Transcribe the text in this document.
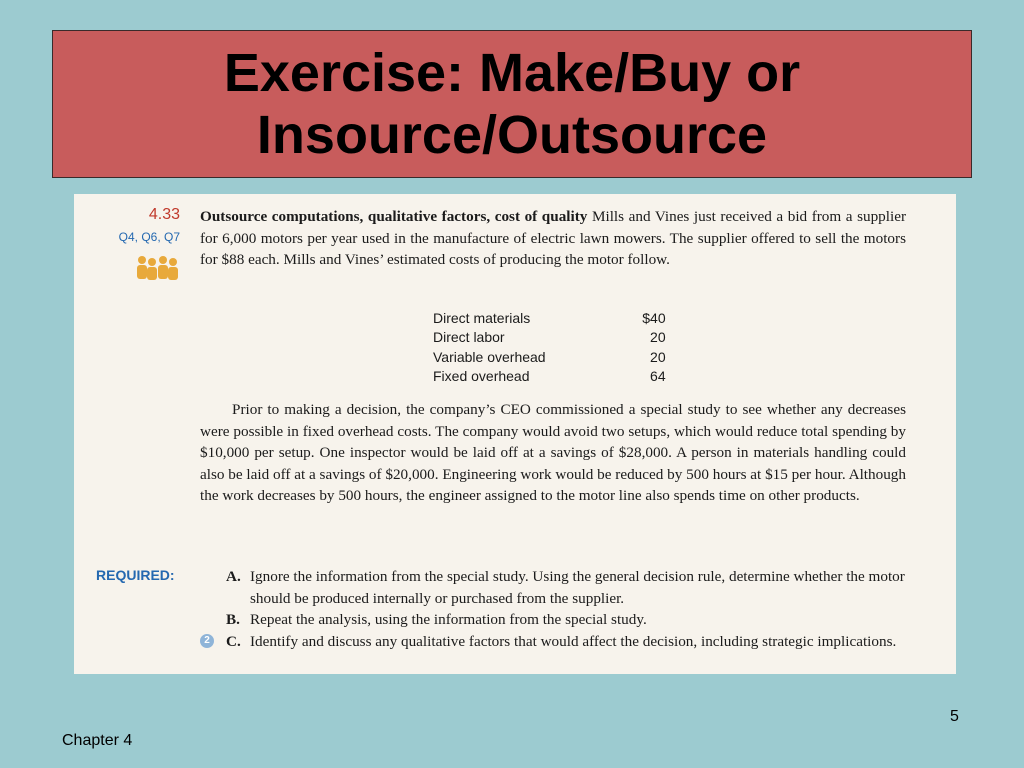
Exercise: Make/Buy or
Insource/Outsource
4.33
Q4, Q6, Q7
Outsource computations, qualitative factors, cost of quality Mills and Vines just received a bid from a supplier for 6,000 motors per year used in the manufacture of electric lawn mowers. The supplier offered to sell the motors for $88 each. Mills and Vines’ estimated costs of producing the motor follow.
Direct materials	$40
Direct labor	20
Variable overhead	20
Fixed overhead	64
Prior to making a decision, the company’s CEO commissioned a special study to see whether any decreases were possible in fixed overhead costs. The company would avoid two setups, which would reduce total spending by $10,000 per setup. One inspector would be laid off at a savings of $28,000. A person in materials handling could also be laid off at a savings of $20,000. Engineering work would be reduced by 500 hours at $15 per hour. Although the work decreases by 500 hours, the engineer assigned to the motor line also spends time on other products.
REQUIRED:	A. Ignore the information from the special study. Using the general decision rule, determine whether the motor should be produced internally or purchased from the supplier.
B. Repeat the analysis, using the information from the special study.
C. Identify and discuss any qualitative factors that would affect the decision, including strategic implications.
2
5
Chapter 4
